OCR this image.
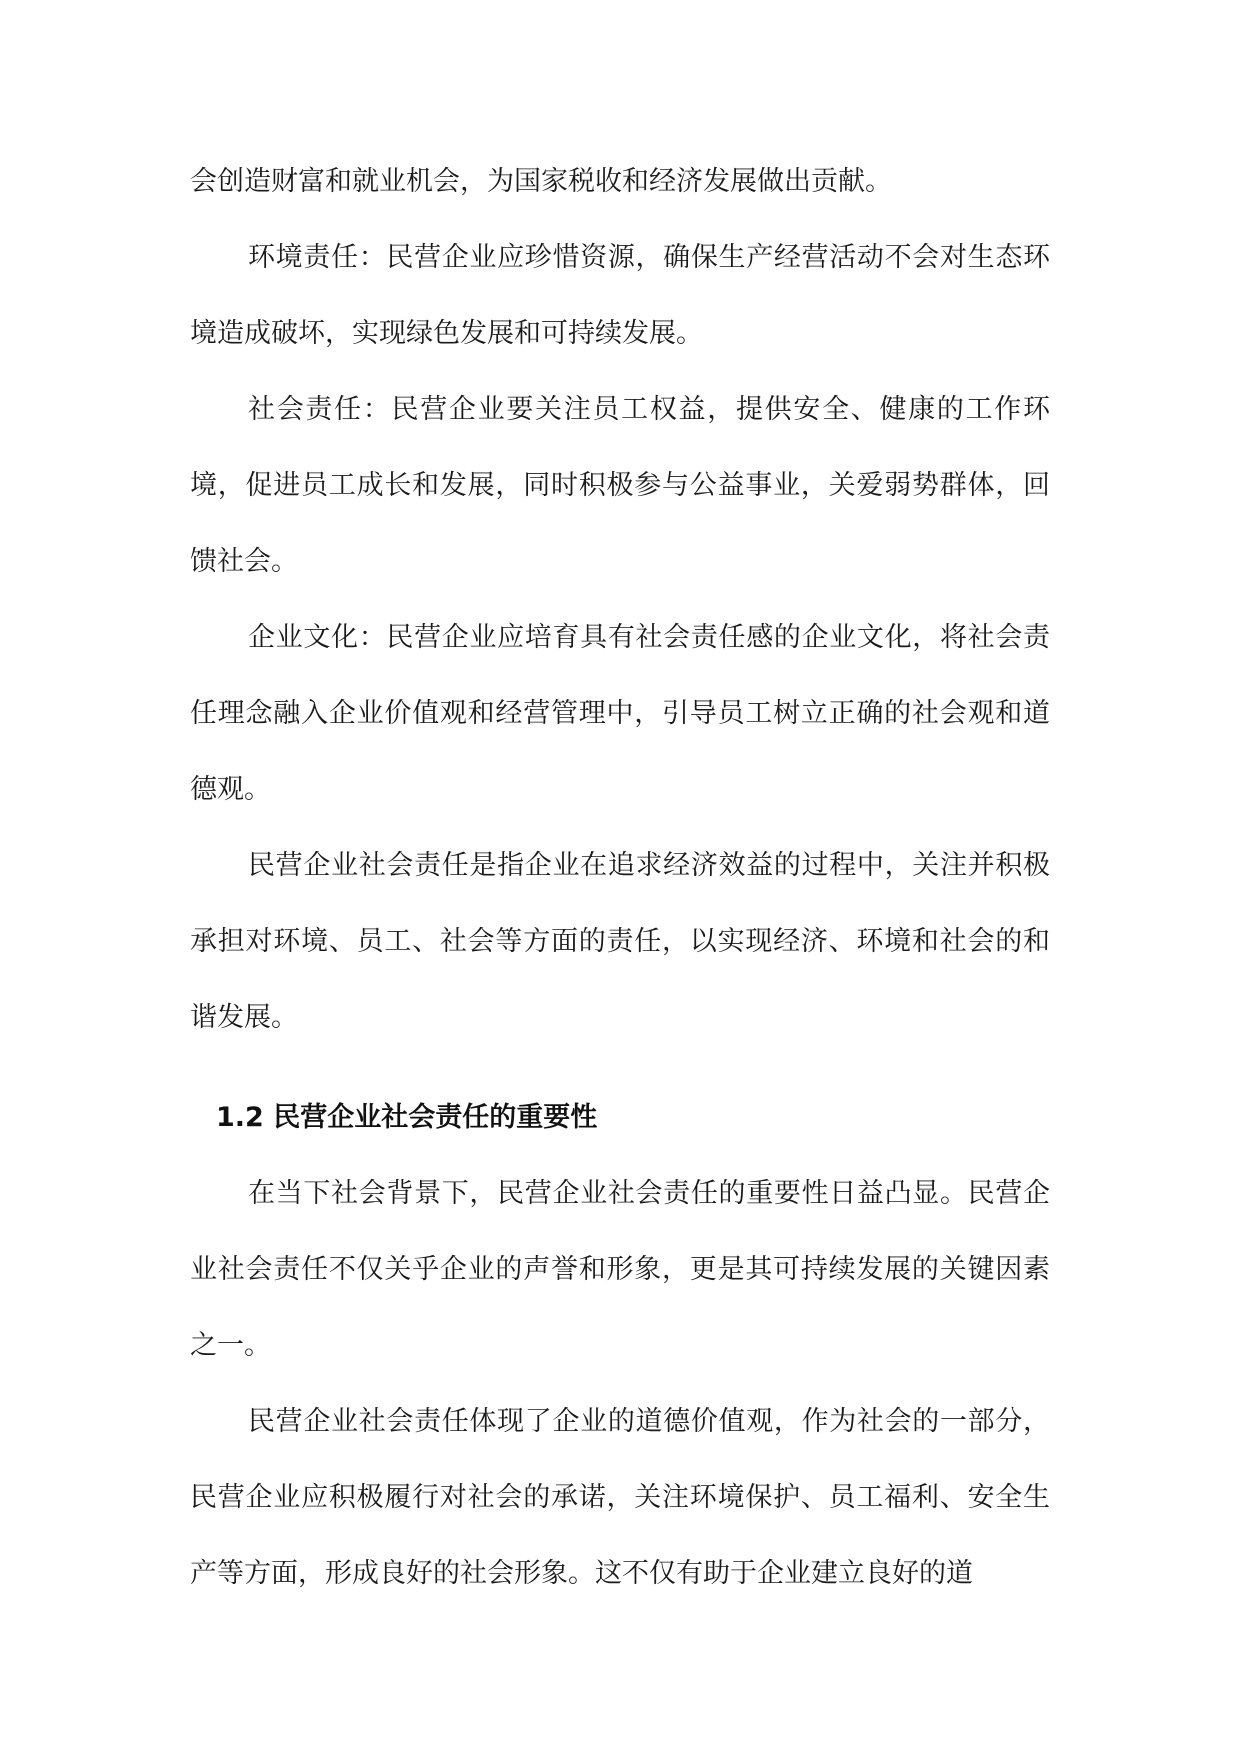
会创造财富和就业机会，为国家税收和经济发展做出贡献。

环境责任：民营企业应珍惜资源，确保生产经营活动不会对生态环境造成破坏，实现绿色发展和可持续发展。

社会责任：民营企业要关注员工权益，提供安全、健康的工作环境，促进员工成长和发展，同时积极参与公益事业，关爱弱势群体，回馈社会。

企业文化：民营企业应培育具有社会责任感的企业文化，将社会责任理念融入企业价值观和经营管理中，引导员工树立正确的社会观和道德观。

民营企业社会责任是指企业在追求经济效益的过程中，关注并积极承担对环境、员工、社会等方面的责任，以实现经济、环境和社会的和谐发展。

1.2 民营企业社会责任的重要性

在当下社会背景下，民营企业社会责任的重要性日益凸显。民营企业社会责任不仅关乎企业的声誉和形象，更是其可持续发展的关键因素之一。

民营企业社会责任体现了企业的道德价值观，作为社会的一部分，民营企业应积极履行对社会的承诺，关注环境保护、员工福利、安全生产等方面，形成良好的社会形象。这不仅有助于企业建立良好的道
